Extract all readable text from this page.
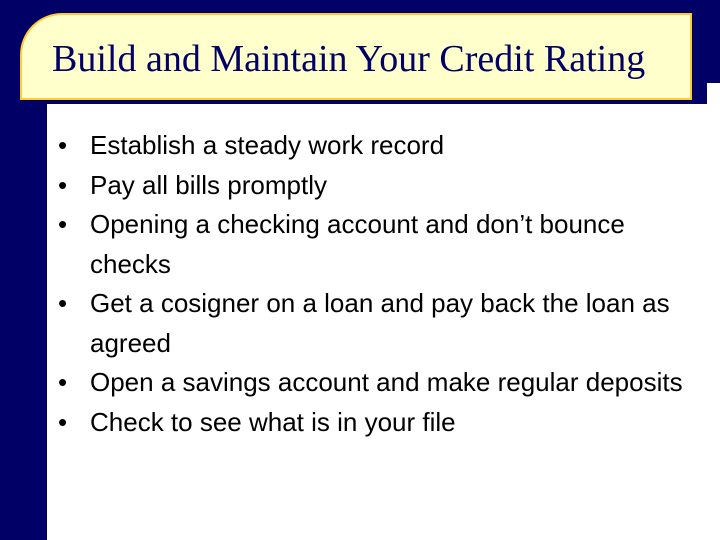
Build and Maintain Your Credit Rating
• Establish a steady work record
• Pay all bills promptly
• Opening a checking account and don’t bounce checks
• Get a cosigner on a loan and pay back the loan as agreed
• Open a savings account and make regular deposits
• Check to see what is in your file
